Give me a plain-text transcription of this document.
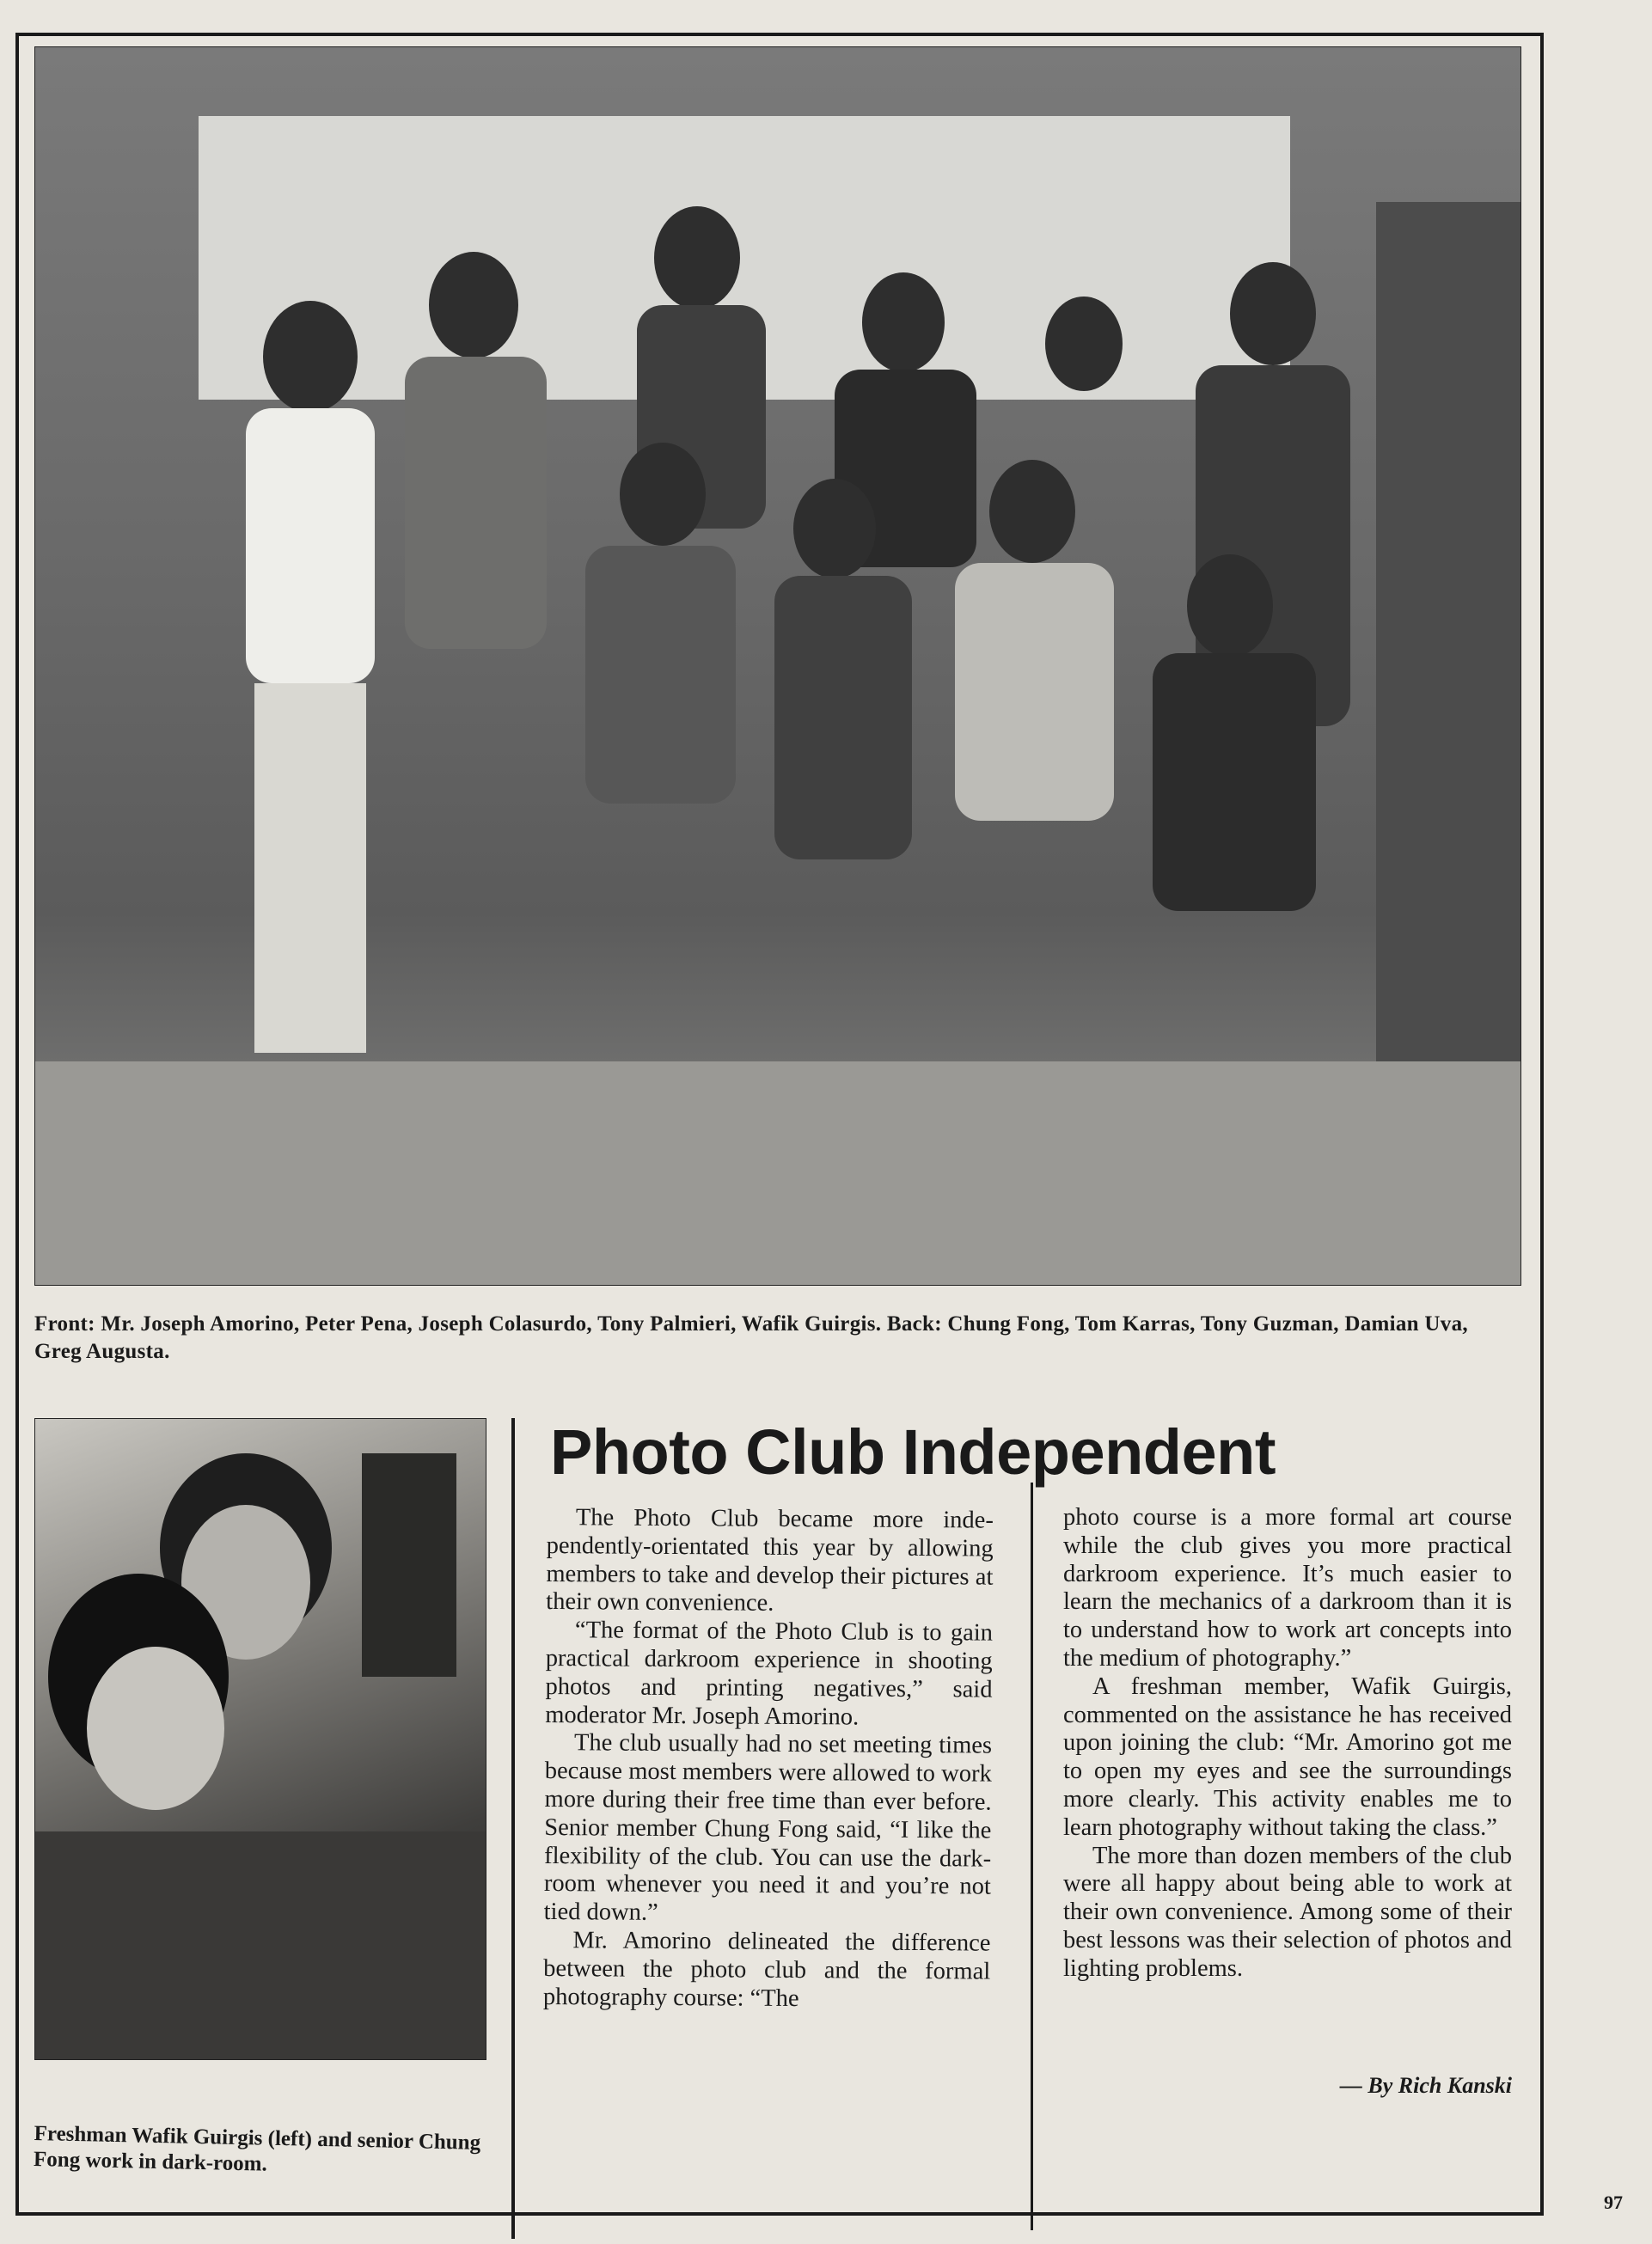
Front: Mr. Joseph Amorino, Peter Pena, Joseph Colasurdo, Tony Palmieri, Wafik Guirgis. Back: Chung Fong, Tom Karras, Tony Guzman, Damian Uva, Greg Augusta.
Freshman Wafik Guirgis (left) and senior Chung Fong work in dark-room.
Photo Club Independent

The Photo Club became more independently-orientated this year by allowing members to take and develop their pictures at their own convenience.

“The format of the Photo Club is to gain practical darkroom experience in shooting photos and printing negatives,” said moderator Mr. Joseph Amorino.

The club usually had no set meeting times because most members were allowed to work more during their free time than ever before. Senior member Chung Fong said, “I like the flexibility of the club. You can use the darkroom whenever you need it and you’re not tied down.”

Mr. Amorino delineated the difference between the photo club and the formal photography course: “The

photo course is a more formal art course while the club gives you more practical darkroom experience. It’s much easier to learn the mechanics of a darkroom than it is to understand how to work art concepts into the medium of photography.”

A freshman member, Wafik Guirgis, commented on the assistance he has received upon joining the club: “Mr. Amorino got me to open my eyes and see the surroundings more clearly. This activity enables me to learn photography without taking the class.”

The more than dozen members of the club were all happy about being able to work at their own convenience. Among some of their best lessons was their selection of photos and lighting problems.

— By Rich Kanski
97
